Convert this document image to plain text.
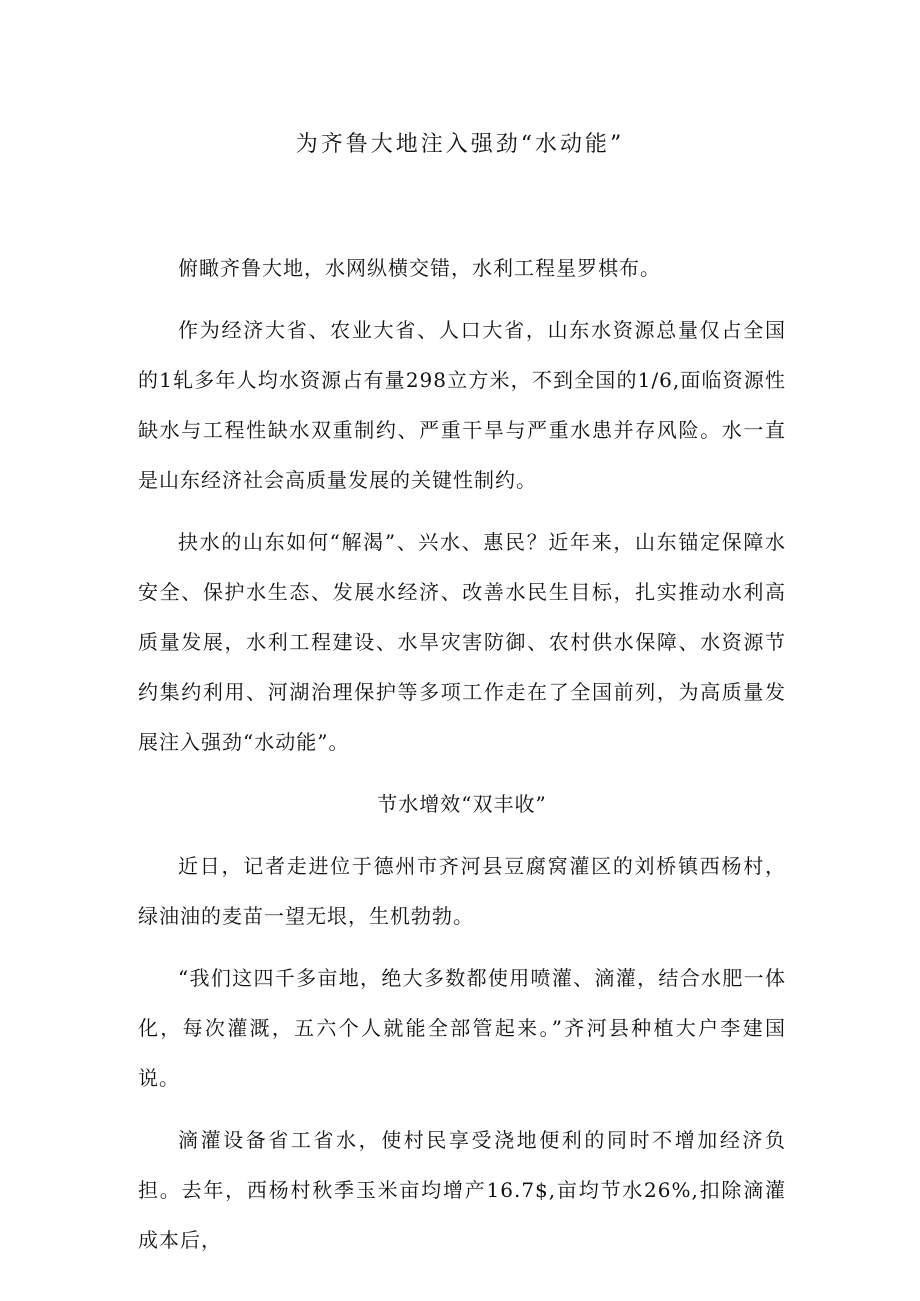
为齐鲁大地注入强劲“水动能”

俯瞰齐鲁大地，水网纵横交错，水利工程星罗棋布。

作为经济大省、农业大省、人口大省，山东水资源总量仅占全国的1轧多年人均水资源占有量298立方米，不到全国的1/6,面临资源性缺水与工程性缺水双重制约、严重干旱与严重水患并存风险。水一直是山东经济社会高质量发展的关键性制约。

抉水的山东如何“解渴”、兴水、惠民？近年来，山东锚定保障水安全、保护水生态、发展水经济、改善水民生目标，扎实推动水利高质量发展，水利工程建设、水旱灾害防御、农村供水保障、水资源节约集约利用、河湖治理保护等多项工作走在了全国前列，为高质量发展注入强劲“水动能”。

节水增效“双丰收”

近日，记者走进位于德州市齐河县豆腐窝灌区的刘桥镇西杨村，绿油油的麦苗一望无垠，生机勃勃。

“我们这四千多亩地，绝大多数都使用喷灌、滴灌，结合水肥一体化，每次灌溉，五六个人就能全部管起来。”齐河县种植大户李建国说。

滴灌设备省工省水，使村民享受浇地便利的同时不增加经济负担。去年，西杨村秋季玉米亩均增产16.7$,亩均节水26%,扣除滴灌成本后，
